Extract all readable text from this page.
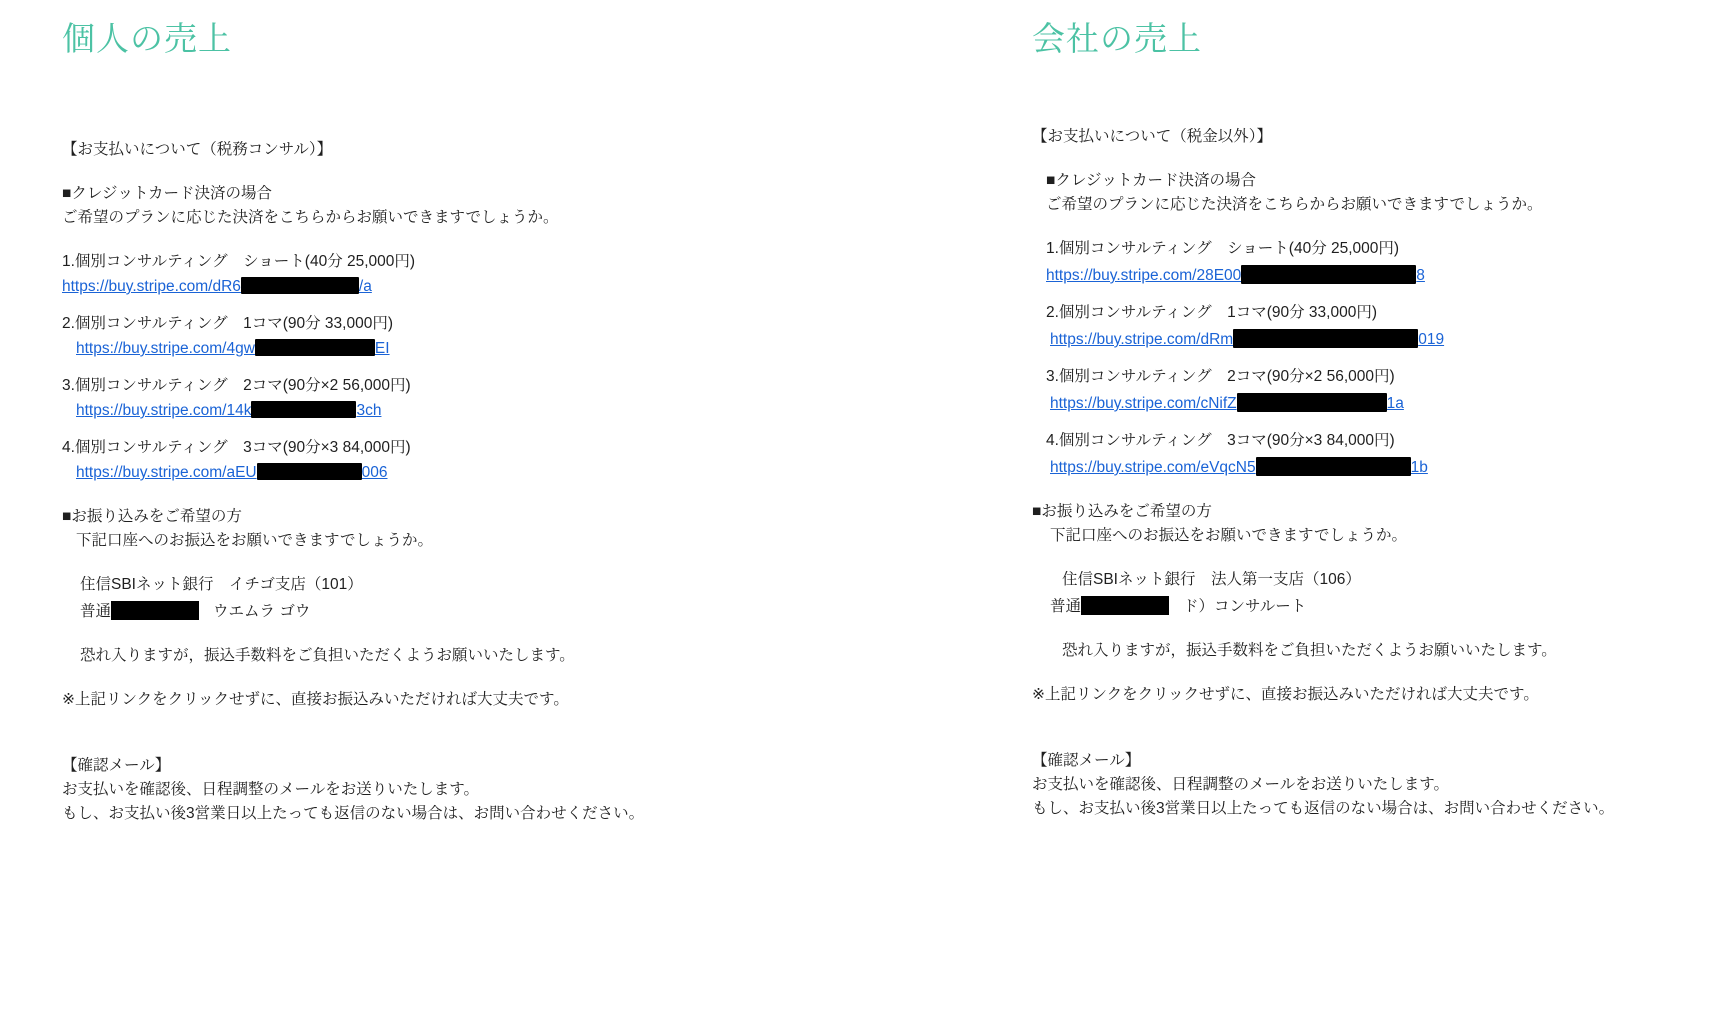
個人の売上
【お支払いについて（税務コンサル）】
■クレジットカード決済の場合
ご希望のプランに応じた決済をこちらからお願いできますでしょうか。
1.個別コンサルティング　ショート(40分 25,000円)
https://buy.stripe.com/dR6	/a
2.個別コンサルティング　1コマ(90分 33,000円)
https://buy.stripe.com/4gw	EI
3.個別コンサルティング　2コマ(90分×2 56,000円)
https://buy.stripe.com/14k	3ch
4.個別コンサルティング　3コマ(90分×3 84,000円)
https://buy.stripe.com/aEU	006
■お振り込みをご希望の方
下記口座へのお振込をお願いできますでしょうか。
住信SBIネット銀行　イチゴ支店（101）
普通	ウエムラ ゴウ
恐れ入りますが，振込手数料をご負担いただくようお願いいたします。
※上記リンクをクリックせずに、直接お振込みいただければ大丈夫です。
【確認メール】
お支払いを確認後、日程調整のメールをお送りいたします。
もし、お支払い後3営業日以上たっても返信のない場合は、お問い合わせください。
会社の売上
【お支払いについて（税金以外）】
■クレジットカード決済の場合
ご希望のプランに応じた決済をこちらからお願いできますでしょうか。
1.個別コンサルティング　ショート(40分 25,000円)
https://buy.stripe.com/28E00	8
2.個別コンサルティング　1コマ(90分 33,000円)
https://buy.stripe.com/dRm	019
3.個別コンサルティング　2コマ(90分×2 56,000円)
https://buy.stripe.com/cNifZ	1a
4.個別コンサルティング　3コマ(90分×3 84,000円)
https://buy.stripe.com/eVqcN5	1b
■お振り込みをご希望の方
下記口座へのお振込をお願いできますでしょうか。
住信SBIネット銀行　法人第一支店（106）
普通	ド）コンサルート
恐れ入りますが，振込手数料をご負担いただくようお願いいたします。
※上記リンクをクリックせずに、直接お振込みいただければ大丈夫です。
【確認メール】
お支払いを確認後、日程調整のメールをお送りいたします。
もし、お支払い後3営業日以上たっても返信のない場合は、お問い合わせください。
